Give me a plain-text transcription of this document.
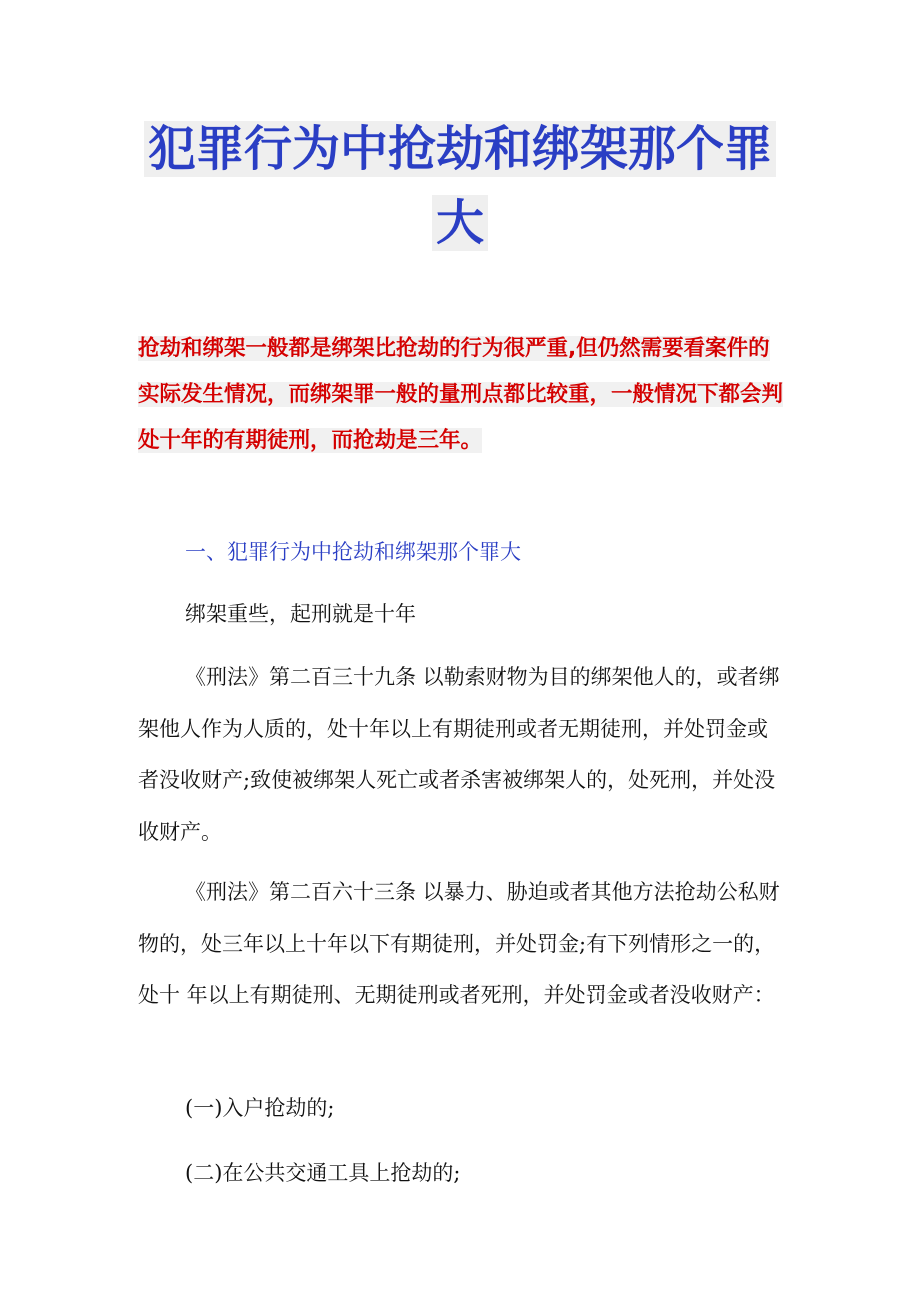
犯罪行为中抢劫和绑架那个罪
大

抢劫和绑架一般都是绑架比抢劫的行为很严重,但仍然需要看案件的实际发生情况，而绑架罪一般的量刑点都比较重，一般情况下都会判处十年的有期徒刑，而抢劫是三年。

一、犯罪行为中抢劫和绑架那个罪大

绑架重些，起刑就是十年

《刑法》第二百三十九条 以勒索财物为目的绑架他人的，或者绑架他人作为人质的，处十年以上有期徒刑或者无期徒刑，并处罚金或者没收财产;致使被绑架人死亡或者杀害被绑架人的，处死刑，并处没收财产。

《刑法》第二百六十三条 以暴力、胁迫或者其他方法抢劫公私财物的，处三年以上十年以下有期徒刑，并处罚金;有下列情形之一的，处十 年以上有期徒刑、无期徒刑或者死刑，并处罚金或者没收财产：

(一)入户抢劫的;

(二)在公共交通工具上抢劫的;
